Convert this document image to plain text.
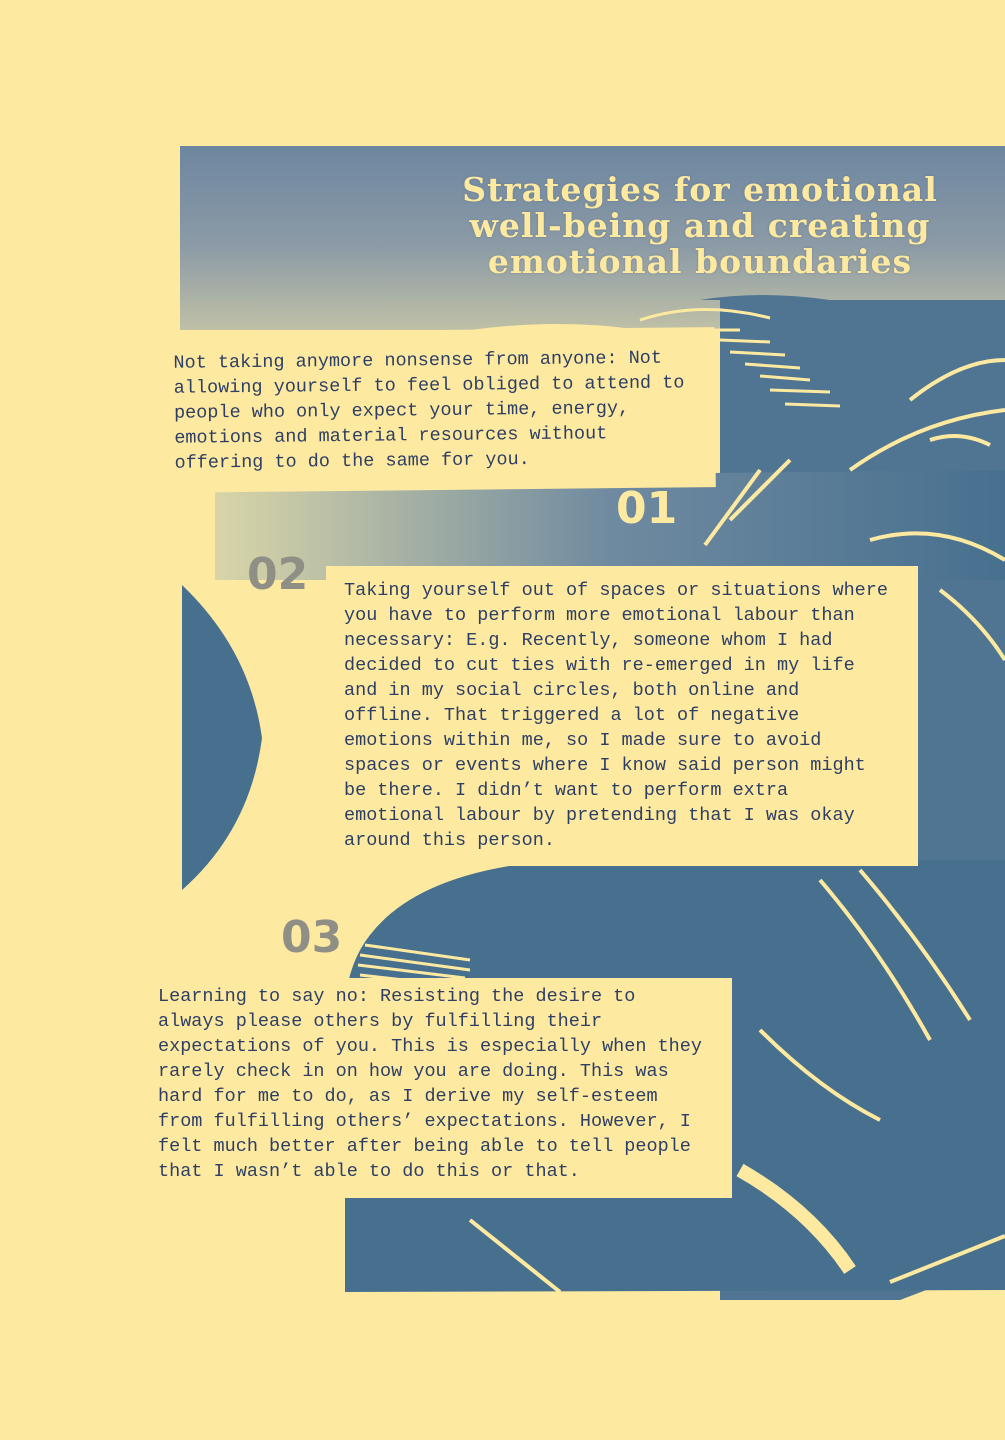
Strategies for emotional
well-being and creating
emotional boundaries

Not taking anymore nonsense from anyone: Not
allowing yourself to feel obliged to attend to
people who only expect your time, energy,
emotions and material resources without
offering to do the same for you.

01
02 Taking yourself out of spaces or situations where
you have to perform more emotional labour than
necessary: E.g. Recently, someone whom I had
decided to cut ties with re-emerged in my life
and in my social circles, both online and
offline. That triggered a lot of negative
emotions within me, so I made sure to avoid
spaces or events where I know said person might
be there. I didn’t want to perform extra
emotional labour by pretending that I was okay
around this person.

03

Learning to say no: Resisting the desire to
always please others by fulfilling their
expectations of you. This is especially when they
rarely check in on how you are doing. This was
hard for me to do, as I derive my self-esteem
from fulfilling others’ expectations. However, I
felt much better after being able to tell people
that I wasn’t able to do this or that.
